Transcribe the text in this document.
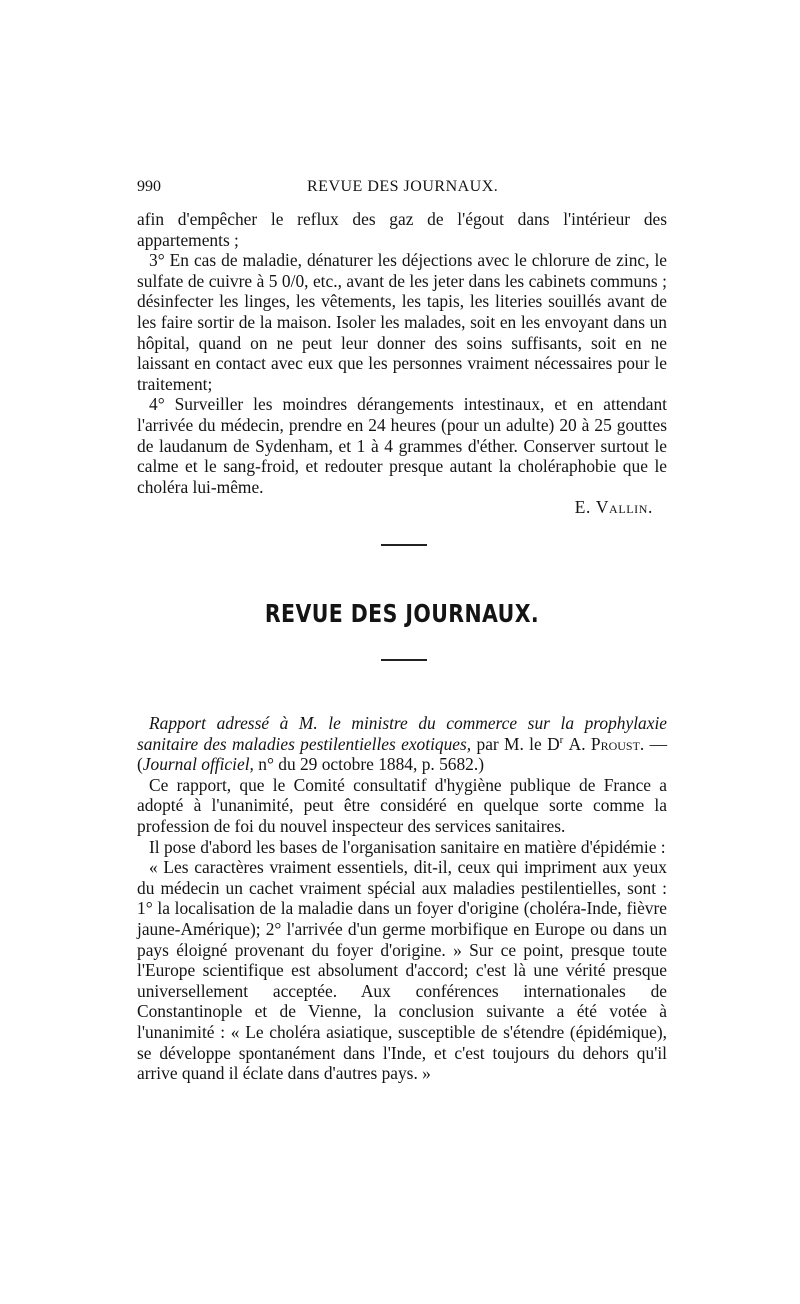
990	REVUE DES JOURNAUX.

afin d'empêcher le reflux des gaz de l'égout dans l'intérieur des appartements ;

3° En cas de maladie, dénaturer les déjections avec le chlorure de zinc, le sulfate de cuivre à 5 0/0, etc., avant de les jeter dans les cabinets communs ; désinfecter les linges, les vêtements, les tapis, les literies souillés avant de les faire sortir de la maison. Isoler les malades, soit en les envoyant dans un hôpital, quand on ne peut leur donner des soins suffisants, soit en ne laissant en contact avec eux que les personnes vraiment nécessaires pour le traitement;

4° Surveiller les moindres dérangements intestinaux, et en attendant l'arrivée du médecin, prendre en 24 heures (pour un adulte) 20 à 25 gouttes de laudanum de Sydenham, et 1 à 4 grammes d'éther. Conserver surtout le calme et le sang-froid, et redouter presque autant la choléraphobie que le choléra lui-même.

E. Vallin.

REVUE DES JOURNAUX.

Rapport adressé à M. le ministre du commerce sur la prophylaxie sanitaire des maladies pestilentielles exotiques, par M. le $D^r$ A. Proust. — (Journal officiel, n° du 29 octobre 1884, p. 5682.)

Ce rapport, que le Comité consultatif d'hygiène publique de France a adopté à l'unanimité, peut être considéré en quelque sorte comme la profession de foi du nouvel inspecteur des services sanitaires.

Il pose d'abord les bases de l'organisation sanitaire en matière d'épidémie :

« Les caractères vraiment essentiels, dit-il, ceux qui impriment aux yeux du médecin un cachet vraiment spécial aux maladies pestilentielles, sont : 1° la localisation de la maladie dans un foyer d'origine (choléra-Inde, fièvre jaune-Amérique); 2° l'arrivée d'un germe morbifique en Europe ou dans un pays éloigné provenant du foyer d'origine. » Sur ce point, presque toute l'Europe scientifique est absolument d'accord; c'est là une vérité presque universellement acceptée. Aux conférences internationales de Constantinople et de Vienne, la conclusion suivante a été votée à l'unanimité : « Le choléra asiatique, susceptible de s'étendre (épidémique), se développe spontanément dans l'Inde, et c'est toujours du dehors qu'il arrive quand il éclate dans d'autres pays. »
